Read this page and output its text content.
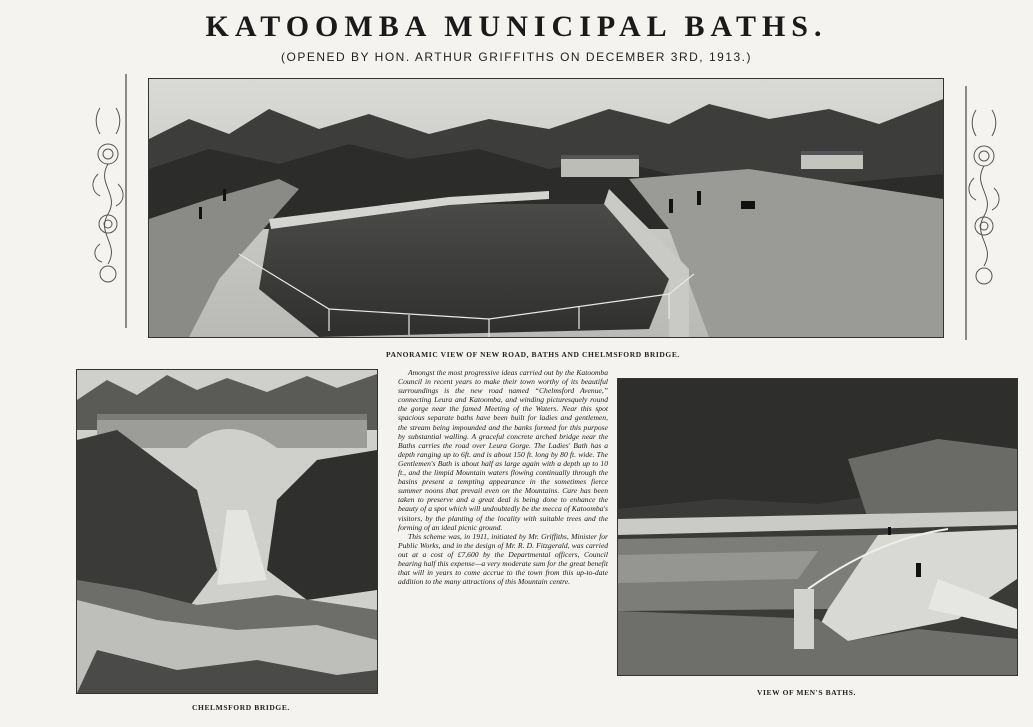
KATOOMBA MUNICIPAL BATHS.
(OPENED BY HON. ARTHUR GRIFFITHS ON DECEMBER 3RD, 1913.)
PANORAMIC VIEW OF NEW ROAD, BATHS AND CHELMSFORD BRIDGE.
CHELMSFORD BRIDGE.

Amongst the most progressive ideas carried out by the Katoomba Council in recent years to make their town worthy of its beautiful surroundings is the new road named “Chelmsford Avenue,” connecting Leura and Katoomba, and winding picturesquely round the gorge near the famed Meeting of the Waters. Near this spot spacious separate baths have been built for ladies and gentlemen, the stream being impounded and the banks formed for this purpose by substantial walling. A graceful concrete arched bridge near the Baths carries the road over Leura Gorge. The Ladies' Bath has a depth ranging up to 6ft. and is about 150 ft. long by 80 ft. wide. The Gentlemen's Bath is about half as large again with a depth up to 10 ft., and the limpid Mountain waters flowing continually through the basins present a tempting appearance in the sometimes fierce summer noons that prevail even on the Mountains. Care has been taken to preserve and a great deal is being done to enhance the beauty of a spot which will undoubtedly be the mecca of Katoomba's visitors, by the planting of the locality with suitable trees and the forming of an ideal picnic ground.

This scheme was, in 1911, initiated by Mr. Griffiths, Minister for Public Works, and in the design of Mr. R. D. Fitzgerald, was carried out at a cost of £7,600 by the Departmental officers, Council bearing half this expense—a very moderate sum for the great benefit that will in years to come accrue to the town from this up-to-date addition to the many attractions of this Mountain centre.

VIEW OF MEN'S BATHS.
